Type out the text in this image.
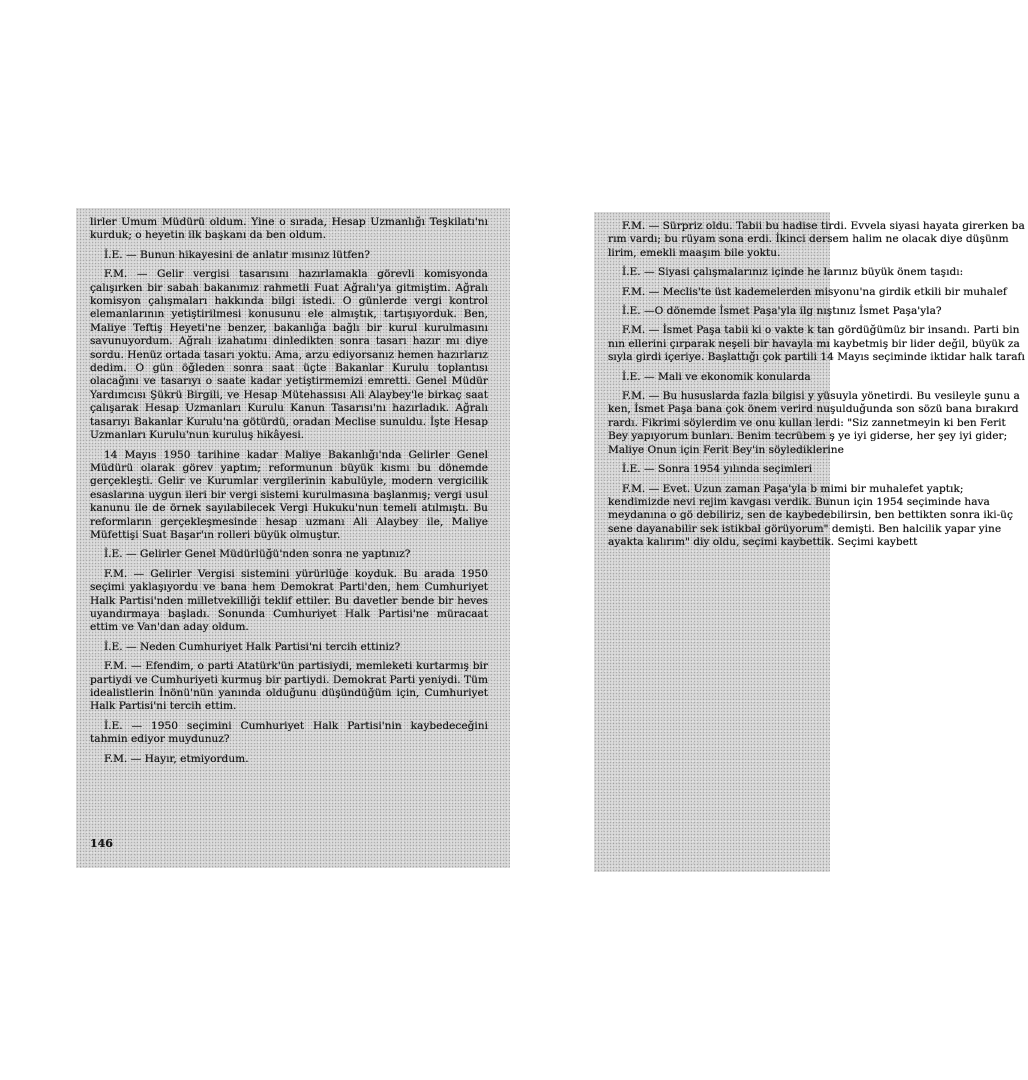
lirler Umum Müdürü oldum. Yine o sırada, Hesap Uzmanlığı Teşkilatı'nı kurduk; o heyetin ilk başkanı da ben oldum.

İ.E. — Bunun hikayesini de anlatır mısınız lütfen?

F.M. — Gelir vergisi tasarısını hazırlamakla görevli komisyonda çalışırken bir sabah bakanımız rahmetli Fuat Ağralı'ya gitmiştim. Ağralı komisyon çalışmaları hakkında bilgi istedi. O günlerde vergi kontrol elemanlarının yetiştirilmesi konusunu ele almıştık, tartışıyorduk. Ben, Maliye Teftiş Heyeti'ne benzer, bakanlığa bağlı bir kurul kurulmasını savunuyordum. Ağralı izahatımı dinledikten sonra tasarı hazır mı diye sordu. Henüz ortada tasarı yoktu. Ama, arzu ediyorsanız hemen hazırlarız dedim. O gün öğleden sonra saat üçte Bakanlar Kurulu toplantısı olacağını ve tasarıyı o saate kadar yetiştirmemizi emretti. Genel Müdür Yardımcısı Şükrü Birgili, ve Hesap Mütehassısı Ali Alaybey'le birkaç saat çalışarak Hesap Uzmanları Kurulu Kanun Tasarısı'nı hazırladık. Ağralı tasarıyı Bakanlar Kurulu'na götürdü, oradan Meclise sunuldu. İşte Hesap Uzmanları Kurulu'nun kuruluş hikâyesi.

14 Mayıs 1950 tarihine kadar Maliye Bakanlığı'nda Gelirler Genel Müdürü olarak görev yaptım; reformunun büyük kısmı bu dönemde gerçekleşti. Gelir ve Kurumlar vergilerinin kabulüyle, modern vergicilik esaslarına uygun ileri bir vergi sistemi kurulmasına başlanmış; vergi usul kanunu ile de örnek sayılabilecek Vergi Hukuku'nun temeli atılmıştı. Bu reformların gerçekleşmesinde hesap uzmanı Ali Alaybey ile, Maliye Müfettişi Suat Başar'ın rolleri büyük olmuştur.

İ.E. — Gelirler Genel Müdürlüğü'nden sonra ne yaptınız?

F.M. — Gelirler Vergisi sistemini yürürlüğe koyduk. Bu arada 1950 seçimi yaklaşıyordu ve bana hem Demokrat Parti'den, hem Cumhuriyet Halk Partisi'nden milletvekilliği teklif ettiler. Bu davetler bende bir heves uyandırmaya başladı. Sonunda Cumhuriyet Halk Partisi'ne müracaat ettim ve Van'dan aday oldum.

İ.E. — Neden Cumhuriyet Halk Partisi'ni tercih ettiniz?

F.M. — Efendim, o parti Atatürk'ün partisiydi, memleketi kurtarmış bir partiydi ve Cumhuriyeti kurmuş bir partiydi. Demokrat Parti yeniydi. Tüm idealistlerin İnönü'nün yanında olduğunu düşündüğüm için, Cumhuriyet Halk Partisi'ni tercih ettim.

İ.E. — 1950 seçimini Cumhuriyet Halk Partisi'nin kaybedeceğini tahmin ediyor muydunuz?

F.M. — Hayır, etmiyordum.

146

F.M. — Sürpriz oldu. Tabii bu hadise tirdi. Evvela siyasi hayata girerken ba rım vardı; bu rüyam sona erdi. İkinci dersem halim ne olacak diye düşünm lirim, emekli maaşım bile yoktu.

İ.E. — Siyasi çalışmalarınız içinde he larınız büyük önem taşıdı:

F.M. — Meclis'te üst kademelerden misyonu'na girdik etkili bir muhalef

İ.E. —O dönemde İsmet Paşa'yla ilg nıştınız İsmet Paşa'yla?

F.M. — İsmet Paşa tabii ki o vakte k tan gördüğümüz bir insandı. Parti bin nın ellerini çırparak neşeli bir havayla mı kaybetmiş bir lider değil, büyük za sıyla girdi içeriye. Başlattığı çok partili 14 Mayıs seçiminde iktidar halk tarafı

İ.E. — Mali ve ekonomik konularda

F.M. — Bu hususlarda fazla bilgisi y yüsuyla yönetirdi. Bu vesileyle şunu a ken, İsmet Paşa bana çok önem verird nuşulduğunda son sözü bana bırakırd rardı. Fikrimi söylerdim ve onu kullan lerdi: "Siz zannetmeyin ki ben Ferit Bey yapıyorum bunları. Benim tecrübem ş ye iyi giderse, her şey iyi gider; Maliye Onun için Ferit Bey'in söylediklerine

İ.E. — Sonra 1954 yılında seçimleri

F.M. — Evet. Uzun zaman Paşa'yla b mimi bir muhalefet yaptık; kendimizde nevi rejim kavgası verdik. Bunun için 1954 seçiminde hava meydanına o gö debiliriz, sen de kaybedebilirsin, ben bettikten sonra iki-üç sene dayanabilir sek istikbal görüyorum" demişti. Ben halcilik yapar yine ayakta kalırım" diy oldu, seçimi kaybettik. Seçimi kaybett
